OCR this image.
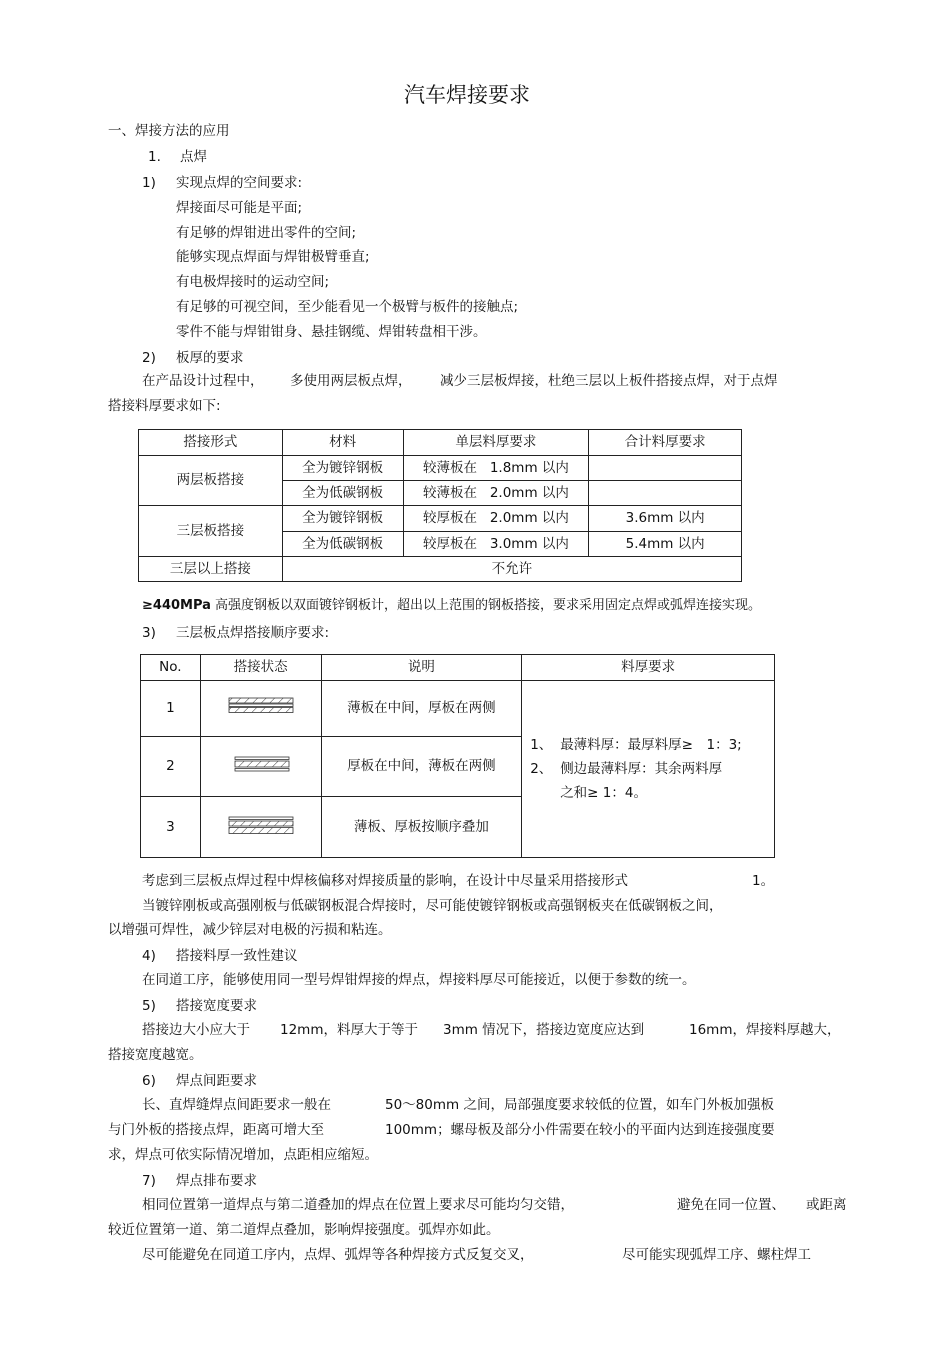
汽车焊接要求
一、焊接方法的应用
1. 点焊
1) 实现点焊的空间要求:
焊接面尽可能是平面;
有足够的焊钳进出零件的空间;
能够实现点焊面与焊钳极臂垂直;
有电极焊接时的运动空间;
有足够的可视空间，至少能看见一个极臂与板件的接触点;
零件不能与焊钳钳身、悬挂钢缆、焊钳转盘相干涉。
2) 板厚的要求
在产品设计过程中， 多使用两层板点焊， 减少三层板焊接，杜绝三层以上板件搭接点焊，对于点焊
搭接料厚要求如下:
搭接形式	材料	单层料厚要求	合计料厚要求
两层板搭接	全为镀锌钢板	较薄板在 1.8mm 以内	
	全为低碳钢板	较薄板在 2.0mm 以内	
三层板搭接	全为镀锌钢板	较厚板在 2.0mm 以内	3.6mm 以内
	全为低碳钢板	较厚板在 3.0mm 以内	5.4mm 以内
三层以上搭接	不允许		
≥440MPa 高强度钢板以双面镀锌钢板计，超出以上范围的钢板搭接，要求采用固定点焊或弧焊连接实现。
3) 三层板点焊搭接顺序要求:
No.	搭接状态	说明	料厚要求
1		薄板在中间，厚板在两侧	1、 最薄料厚：最厚料厚≥　1：3;
2、 侧边最薄料厚：其余两料厚
之和≥ 1：4。

2		厚板在中间，薄板在两侧	
3		薄板、厚板按顺序叠加	
考虑到三层板点焊过程中焊核偏移对焊接质量的影响，在设计中尽量采用搭接形式	1。
当镀锌刚板或高强刚板与低碳钢板混合焊接时，尽可能使镀锌钢板或高强钢板夹在低碳钢板之间，
以增强可焊性，减少锌层对电极的污损和粘连。
4) 搭接料厚一致性建议
在同道工序，能够使用同一型号焊钳焊接的焊点，焊接料厚尽可能接近，以便于参数的统一。
5) 搭接宽度要求
搭接边大小应大于 12mm，料厚大于等于 3mm 情况下，搭接边宽度应达到	16mm，焊接料厚越大，
搭接宽度越宽。
6) 焊点间距要求
长、直焊缝焊点间距要求一般在	50～80mm 之间，局部强度要求较低的位置，如车门外板加强板
与门外板的搭接点焊，距离可增大至	100mm；螺母板及部分小件需要在较小的平面内达到连接强度要
求，焊点可依实际情况增加，点距相应缩短。
7) 焊点排布要求
相同位置第一道焊点与第二道叠加的焊点在位置上要求尽可能均匀交错，	避免在同一位置、 或距离
较近位置第一道、第二道焊点叠加，影响焊接强度。弧焊亦如此。
尽可能避免在同道工序内，点焊、弧焊等各种焊接方式反复交叉，	尽可能实现弧焊工序、螺柱焊工
